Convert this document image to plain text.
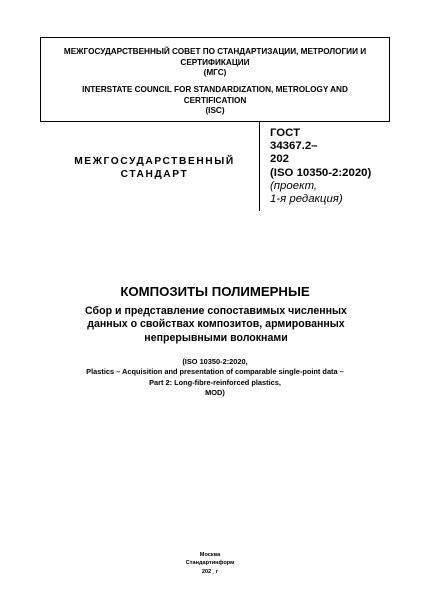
МЕЖГОСУДАРСТВЕННЫЙ СОВЕТ ПО СТАНДАРТИЗАЦИИ, МЕТРОЛОГИИ И
СЕРТИФИКАЦИИ
(МГС)
INTERSTATE COUNCIL FOR STANDARDIZATION, METROLOGY AND
CERTIFICATION
(ISC)
МЕЖГОСУДАРСТВЕННЫЙ
СТАНДАРТ
ГОСТ
34367.2–
202
(ISO 10350-2:2020)
(проект,
1-я редакция)
КОМПОЗИТЫ ПОЛИМЕРНЫЕ
Сбор и представление сопоставимых численных
данных о свойствах композитов, армированных
непрерывными волокнами
(ISO 10350-2:2020,
Plastics – Acquisition and presentation of comparable single-point data –
Part 2: Long-fibre-reinforced plastics,
MOD)
Москва
Стандартинформ
202_ г
